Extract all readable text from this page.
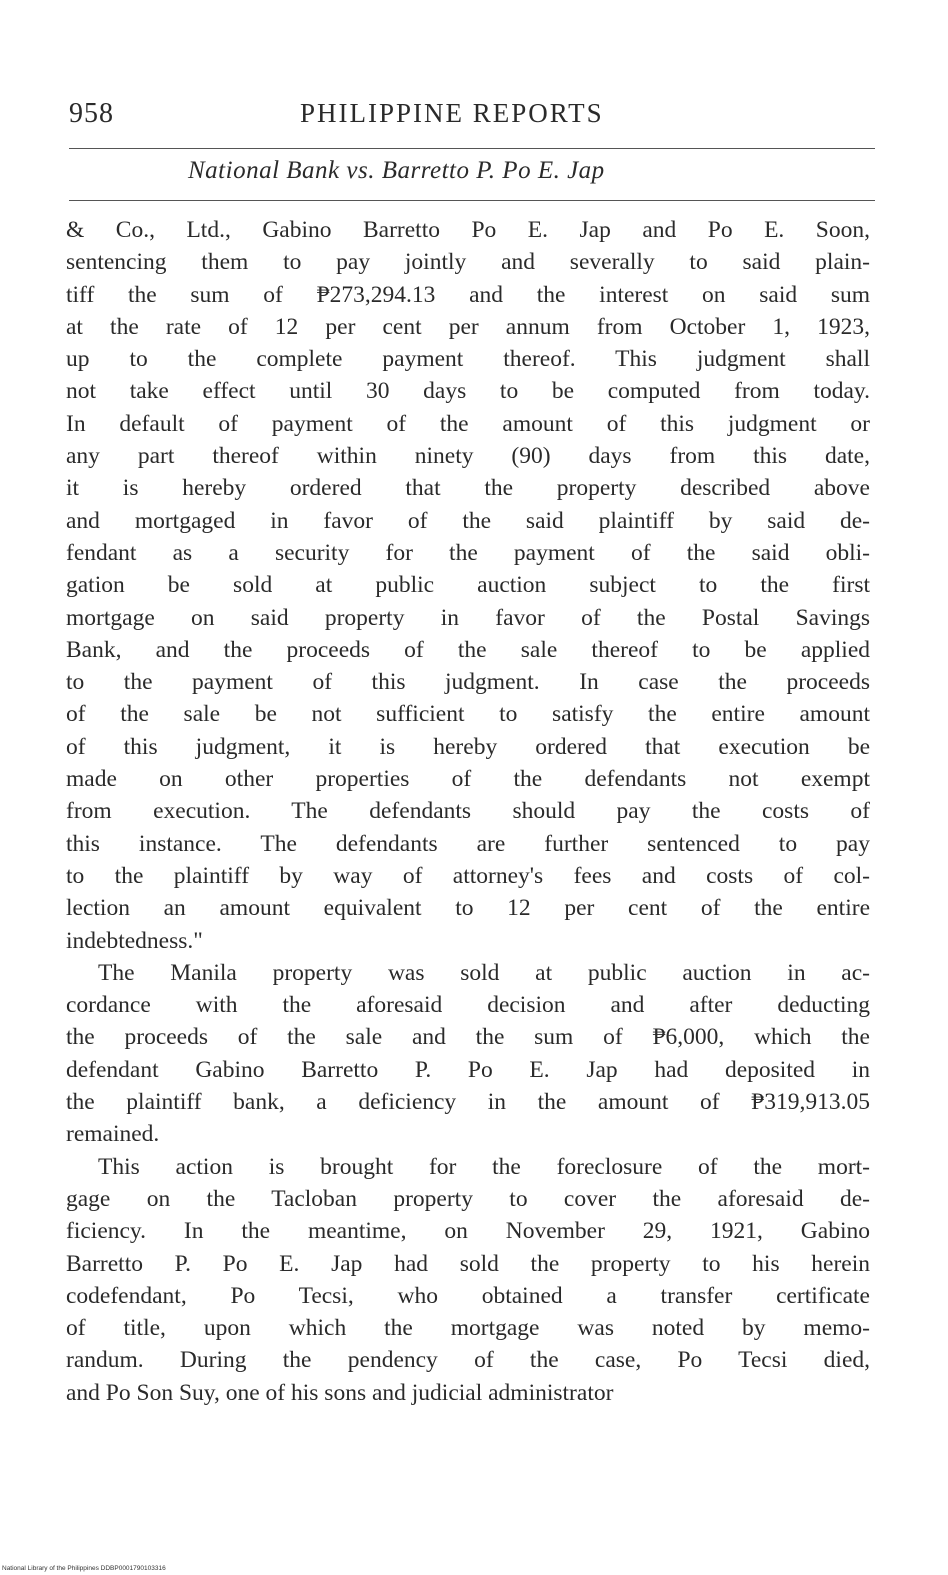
958	PHILIPPINE REPORTS
National Bank vs. Barretto P. Po E. Jap

& Co., Ltd., Gabino Barretto Po E. Jap and Po E. Soon,
sentencing them to pay jointly and severally to said plain-
tiff the sum of ₱273,294.13 and the interest on said sum
at the rate of 12 per cent per annum from October 1, 1923,
up to the complete payment thereof. This judgment shall
not take effect until 30 days to be computed from today.
In default of payment of the amount of this judgment or
any part thereof within ninety (90) days from this date,
it is hereby ordered that the property described above
and mortgaged in favor of the said plaintiff by said de-
fendant as a security for the payment of the said obli-
gation be sold at public auction subject to the first
mortgage on said property in favor of the Postal Savings
Bank, and the proceeds of the sale thereof to be applied
to the payment of this judgment. In case the proceeds
of the sale be not sufficient to satisfy the entire amount
of this judgment, it is hereby ordered that execution be
made on other properties of the defendants not exempt
from execution. The defendants should pay the costs of
this instance. The defendants are further sentenced to pay
to the plaintiff by way of attorney's fees and costs of col-
lection an amount equivalent to 12 per cent of the entire
indebtedness."

The Manila property was sold at public auction in ac-
cordance with the aforesaid decision and after deducting
the proceeds of the sale and the sum of ₱6,000, which the
defendant Gabino Barretto P. Po E. Jap had deposited in
the plaintiff bank, a deficiency in the amount of ₱319,913.05
remained.

This action is brought for the foreclosure of the mort-
gage on the Tacloban property to cover the aforesaid de-
ficiency. In the meantime, on November 29, 1921, Gabino
Barretto P. Po E. Jap had sold the property to his herein
codefendant, Po Tecsi, who obtained a transfer certificate
of title, upon which the mortgage was noted by memo-
randum. During the pendency of the case, Po Tecsi died,
and Po Son Suy, one of his sons and judicial administrator

National Library of the Philippines DDBP0001790103316
